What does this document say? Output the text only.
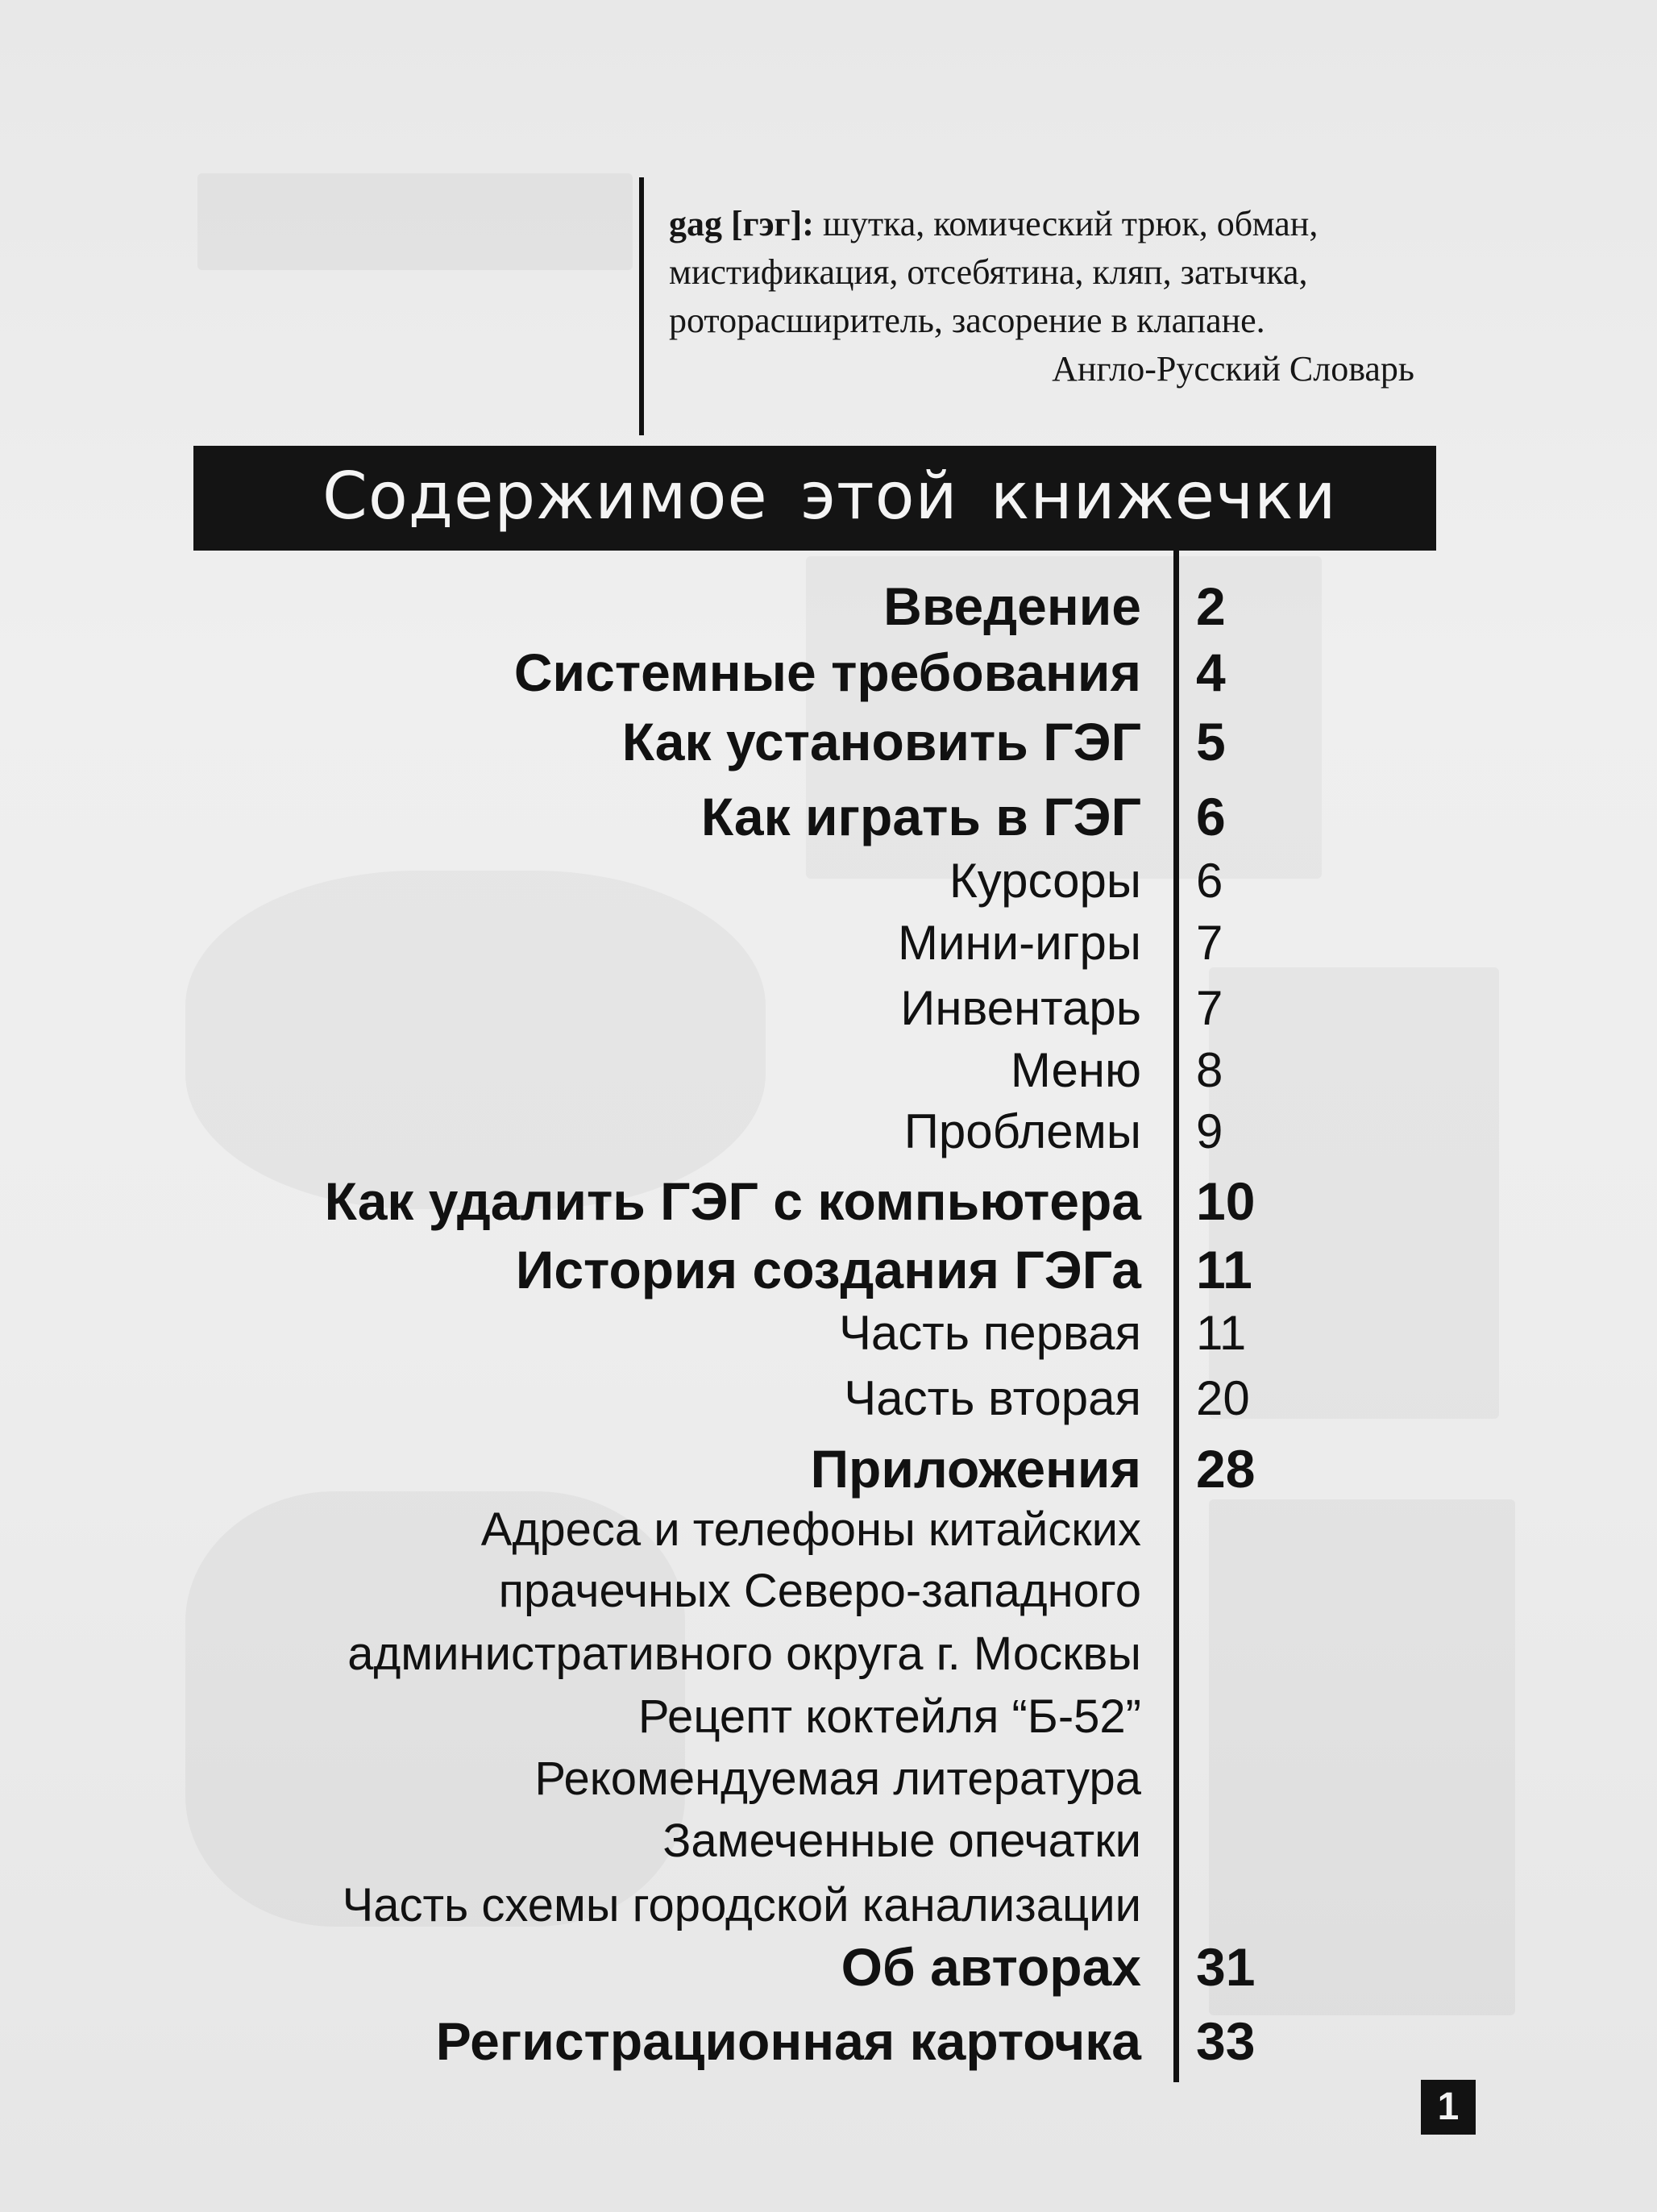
gag [гэг]: шутка, комический трюк, обман,
мистификация, отсебятина, кляп, затычка,
роторасширитель, засорение в клапане.
Англо-Русский Словарь
Содержимое этой книжечки
Введение 2
Системные требования 4
Как установить ГЭГ 5
Как играть в ГЭГ 6
Курсоры 6
Мини-игры 7
Инвентарь 7
Меню 8
Проблемы 9
Как удалить ГЭГ с компьютера 10
История создания ГЭГа 11
Часть первая 11
Часть вторая 20
Приложения 28
Адреса и телефоны китайских
прачечных Северо-западного
административного округа г. Москвы
Рецепт коктейля “Б-52”
Рекомендуемая литература
Замеченные опечатки
Часть схемы городской канализации
Об авторах 31
Регистрационная карточка 33
1
